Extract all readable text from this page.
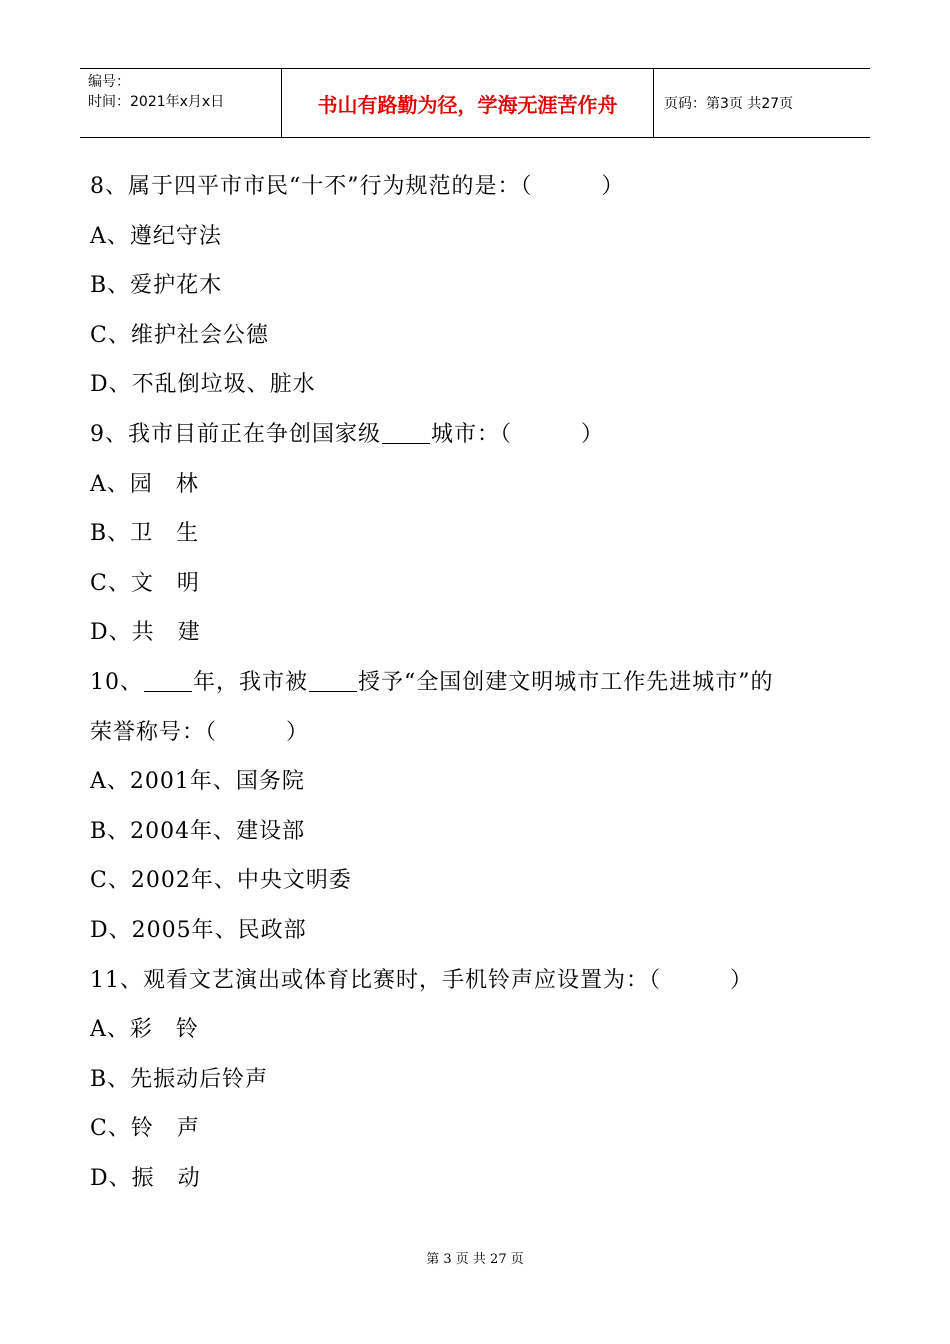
编号：
时间：2021年x月x日	书山有路勤为径，学海无涯苦作舟	页码：第3页 共27页
8、属于四平市市民“十不”行为规范的是：（　　　）
A、遵纪守法
B、爱护花木
C、维护社会公德
D、不乱倒垃圾、脏水
9、我市目前正在争创国家级 城市：（　　　）
A、园　林
B、卫　生
C、文　明
D、共　建
10、 年，我市被 授予“全国创建文明城市工作先进城市”的
荣誉称号：（　　　）
A、2001年、国务院
B、2004年、建设部
C、2002年、中央文明委
D、2005年、民政部
11、观看文艺演出或体育比赛时，手机铃声应设置为：（　　　）
A、彩　铃
B、先振动后铃声
C、铃　声
D、振　动
第 3 页 共 27 页
